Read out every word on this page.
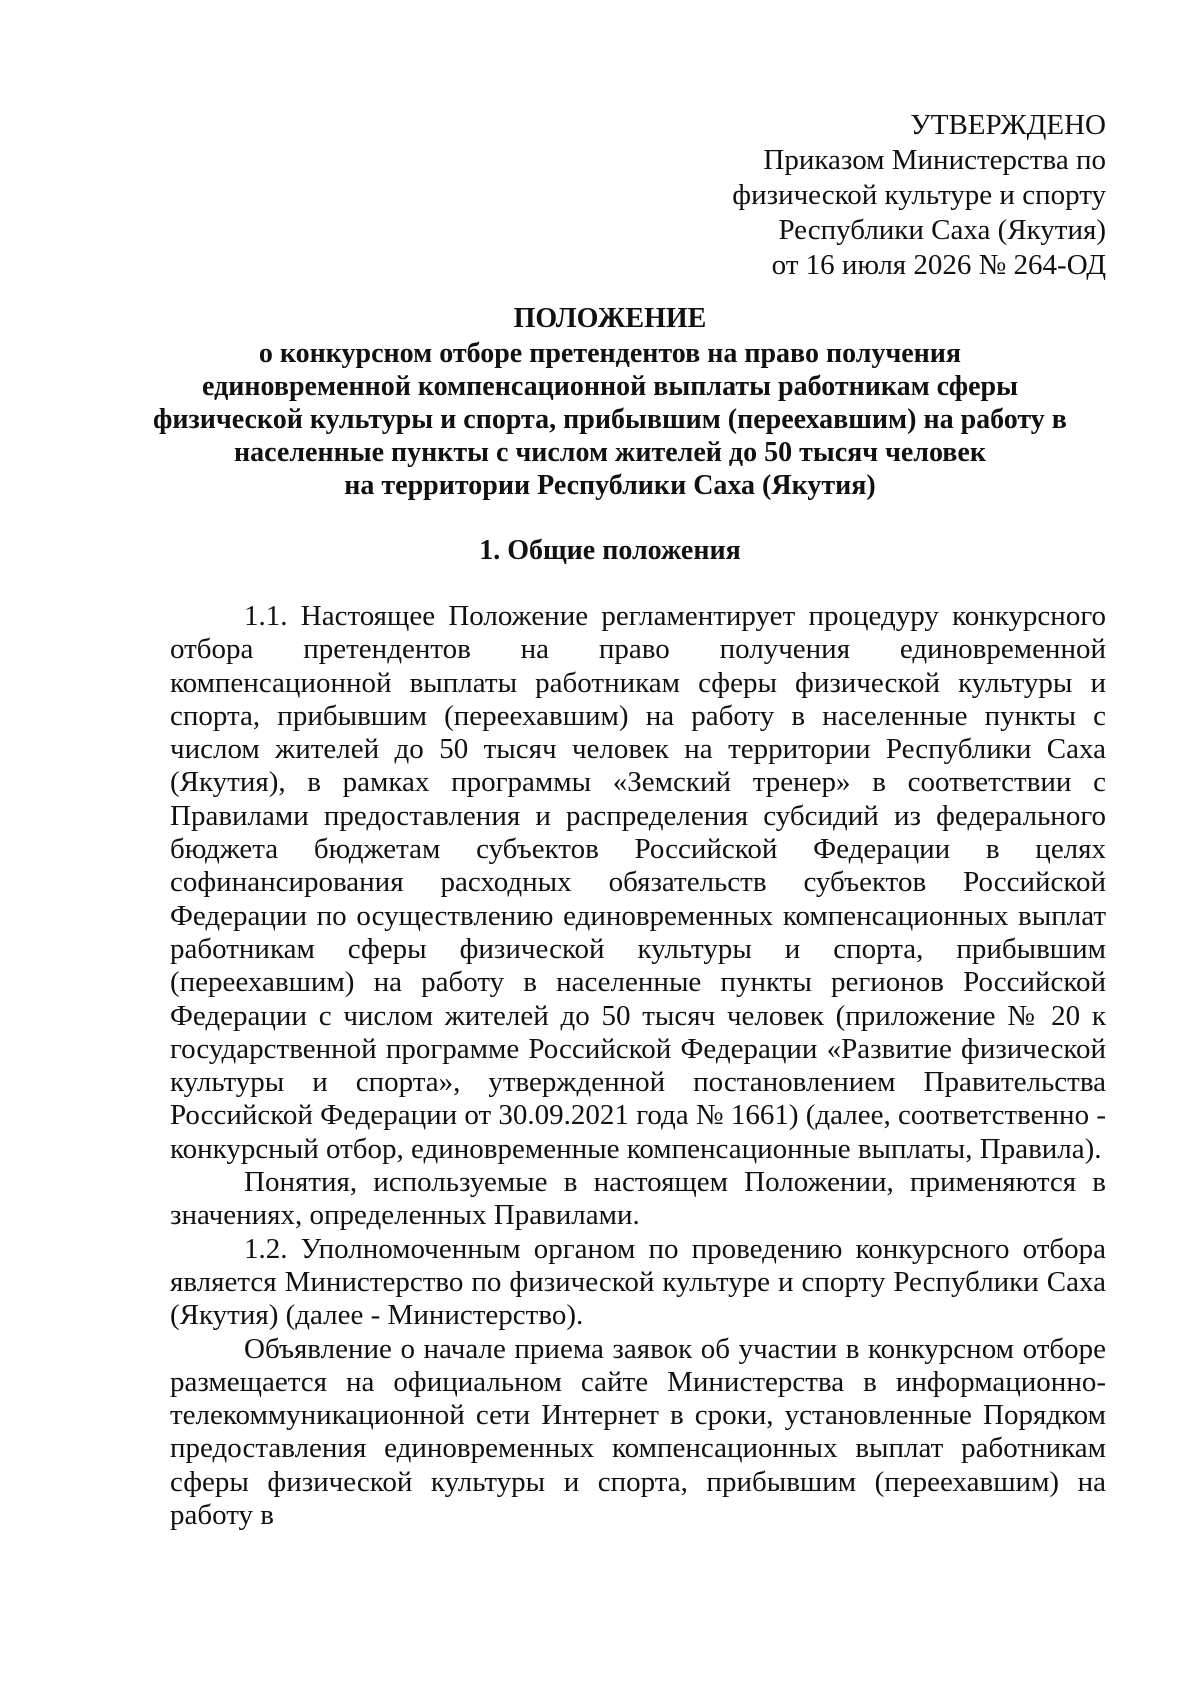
УТВЕРЖДЕНО
Приказом Министерства по
физической культуре и спорту
Республики Саха (Якутия)
от 16 июля 2026 № 264-ОД
ПОЛОЖЕНИЕ
о конкурсном отборе претендентов на право получения
единовременной компенсационной выплаты работникам сферы
физической культуры и спорта, прибывшим (переехавшим) на работу в
населенные пункты с числом жителей до 50 тысяч человек
на территории Республики Саха (Якутия)
1. Общие положения

1.1. Настоящее Положение регламентирует процедуру конкурсного отбора претендентов на право получения единовременной компенсационной выплаты работникам сферы физической культуры и спорта, прибывшим (переехавшим) на работу в населенные пункты с числом жителей до 50 тысяч человек на территории Республики Саха (Якутия), в рамках программы «Земский тренер» в соответствии с Правилами предоставления и распределения субсидий из федерального бюджета бюджетам субъектов Российской Федерации в целях софинансирования расходных обязательств субъектов Российской Федерации по осуществлению единовременных компенсационных выплат работникам сферы физической культуры и спорта, прибывшим (переехавшим) на работу в населенные пункты регионов Российской Федерации с числом жителей до 50 тысяч человек (приложение № 20 к государственной программе Российской Федерации «Развитие физической культуры и спорта», утвержденной постановлением Правительства Российской Федерации от 30.09.2021 года № 1661) (далее, соответственно - конкурсный отбор, единовременные компенсационные выплаты, Правила).

Понятия, используемые в настоящем Положении, применяются в значениях, определенных Правилами.

1.2. Уполномоченным органом по проведению конкурсного отбора является Министерство по физической культуре и спорту Республики Саха (Якутия) (далее - Министерство).

Объявление о начале приема заявок об участии в конкурсном отборе размещается на официальном сайте Министерства в информационно-телекоммуникационной сети Интернет в сроки, установленные Порядком предоставления единовременных компенсационных выплат работникам сферы физической культуры и спорта, прибывшим (переехавшим) на работу в
